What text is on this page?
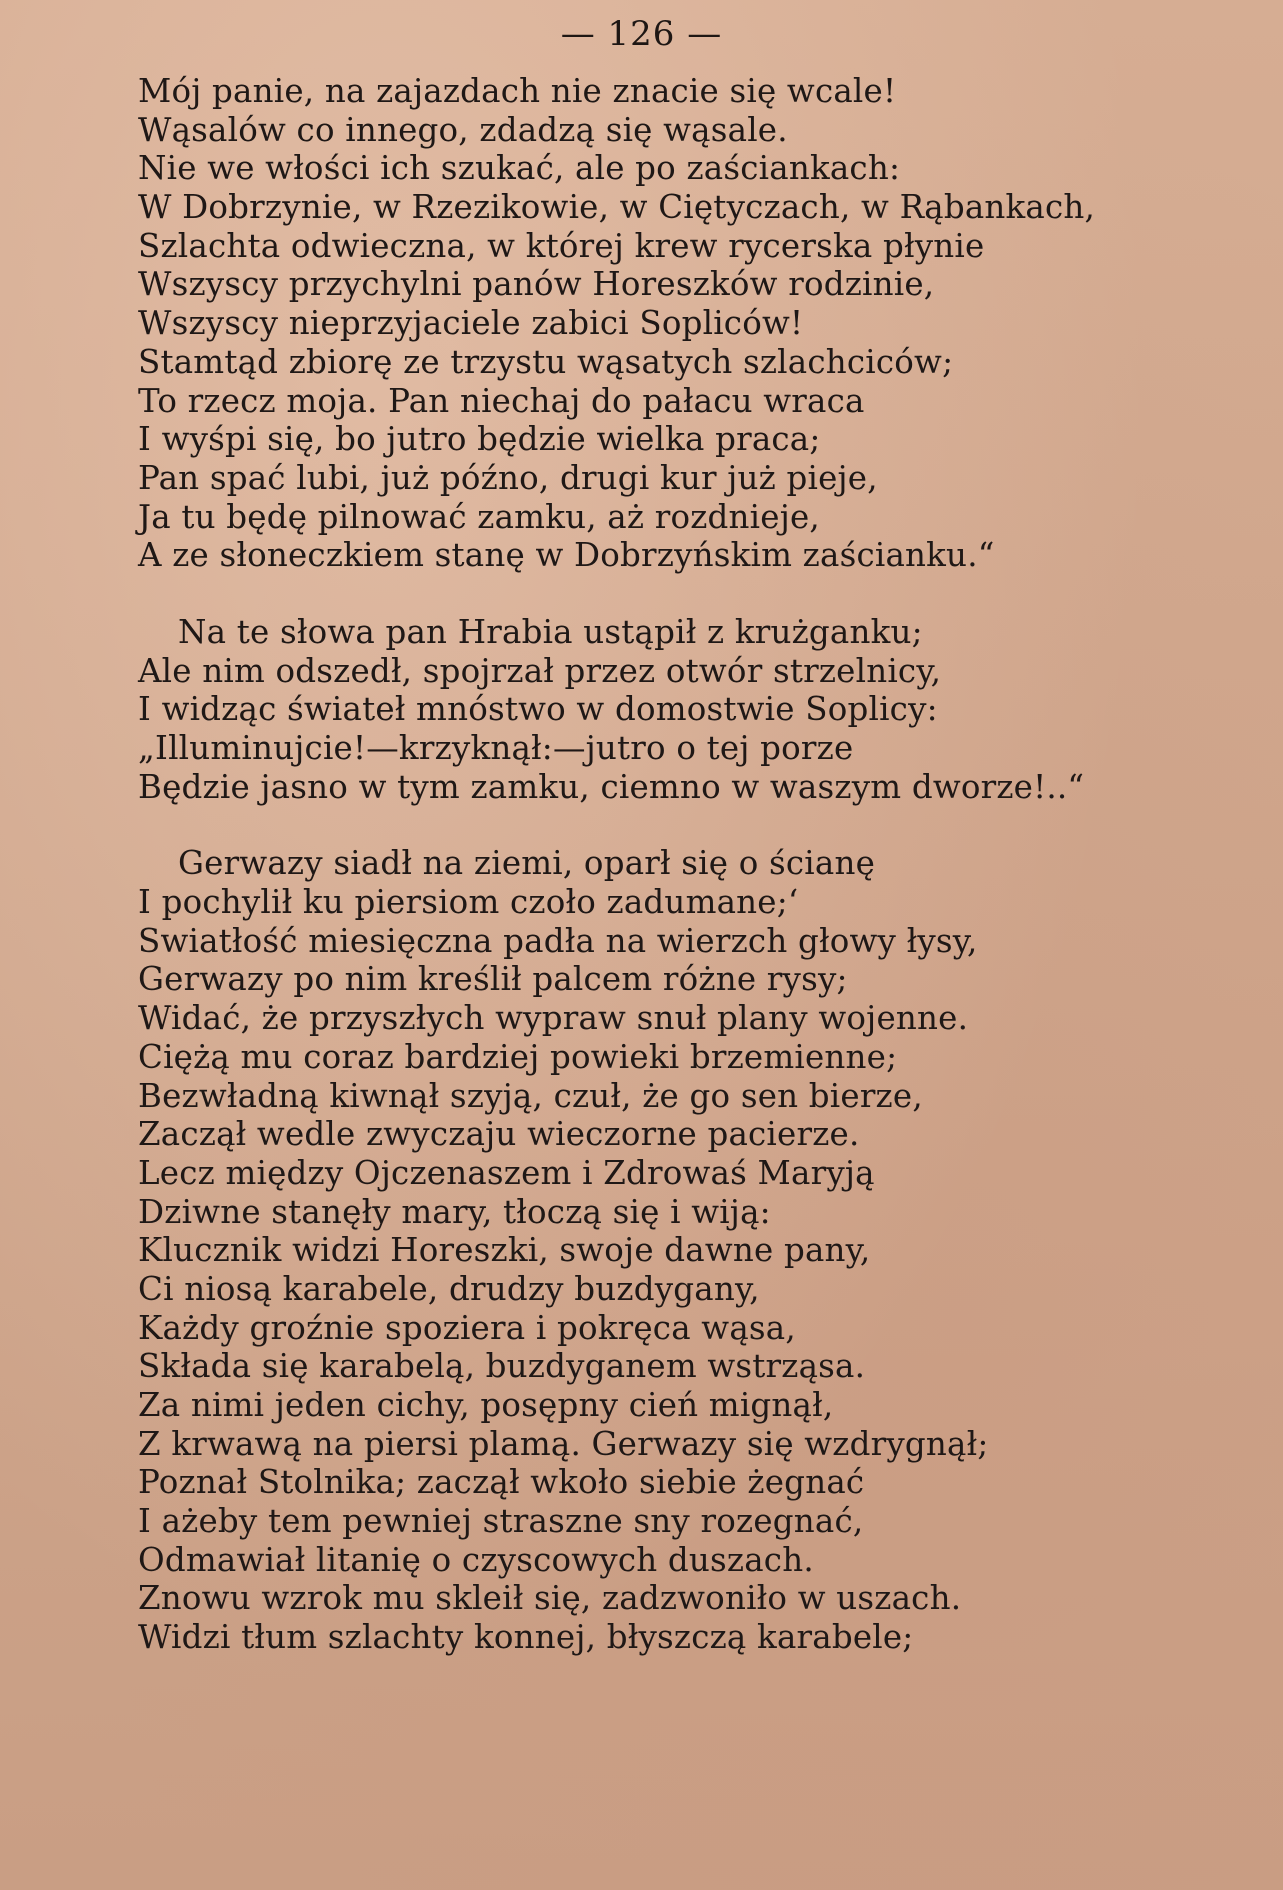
— 126 —
Mój panie, na zajazdach nie znacie się wcale!
Wąsalów co innego, zdadzą się wąsale.
Nie we włości ich szukać, ale po zaściankach:
W Dobrzynie, w Rzezikowie, w Ciętyczach, w Rąbankach,
Szlachta odwieczna, w której krew rycerska płynie
Wszyscy przychylni panów Horeszków rodzinie,
Wszyscy nieprzyjaciele zabici Sopliców!
Stamtąd zbiorę ze trzystu wąsatych szlachciców;
To rzecz moja. Pan niechaj do pałacu wraca
I wyśpi się, bo jutro będzie wielka praca;
Pan spać lubi, już późno, drugi kur już pieje,
Ja tu będę pilnować zamku, aż rozdnieje,
A ze słoneczkiem stanę w Dobrzyńskim zaścianku.“
Na te słowa pan Hrabia ustąpił z krużganku;
Ale nim odszedł, spojrzał przez otwór strzelnicy,
I widząc świateł mnóstwo w domostwie Soplicy:
„Illuminujcie!—krzyknął:—jutro o tej porze
Będzie jasno w tym zamku, ciemno w waszym dworze!..“
Gerwazy siadł na ziemi, oparł się o ścianę
I pochylił ku piersiom czoło zadumane;‘
Swiatłość miesięczna padła na wierzch głowy łysy,
Gerwazy po nim kreślił palcem różne rysy;
Widać, że przyszłych wypraw snuł plany wojenne.
Ciężą mu coraz bardziej powieki brzemienne;
Bezwładną kiwnął szyją, czuł, że go sen bierze,
Zaczął wedle zwyczaju wieczorne pacierze.
Lecz między Ojczenaszem i Zdrowaś Maryją
Dziwne stanęły mary, tłoczą się i wiją:
Klucznik widzi Horeszki, swoje dawne pany,
Ci niosą karabele, drudzy buzdygany,
Każdy groźnie spoziera i pokręca wąsa,
Składa się karabelą, buzdyganem wstrząsa.
Za nimi jeden cichy, posępny cień mignął,
Z krwawą na piersi plamą. Gerwazy się wzdrygnął;
Poznał Stolnika; zaczął wkoło siebie żegnać
I ażeby tem pewniej straszne sny rozegnać,
Odmawiał litanię o czyscowych duszach.
Znowu wzrok mu skleił się, zadzwoniło w uszach.
Widzi tłum szlachty konnej, błyszczą karabele;
